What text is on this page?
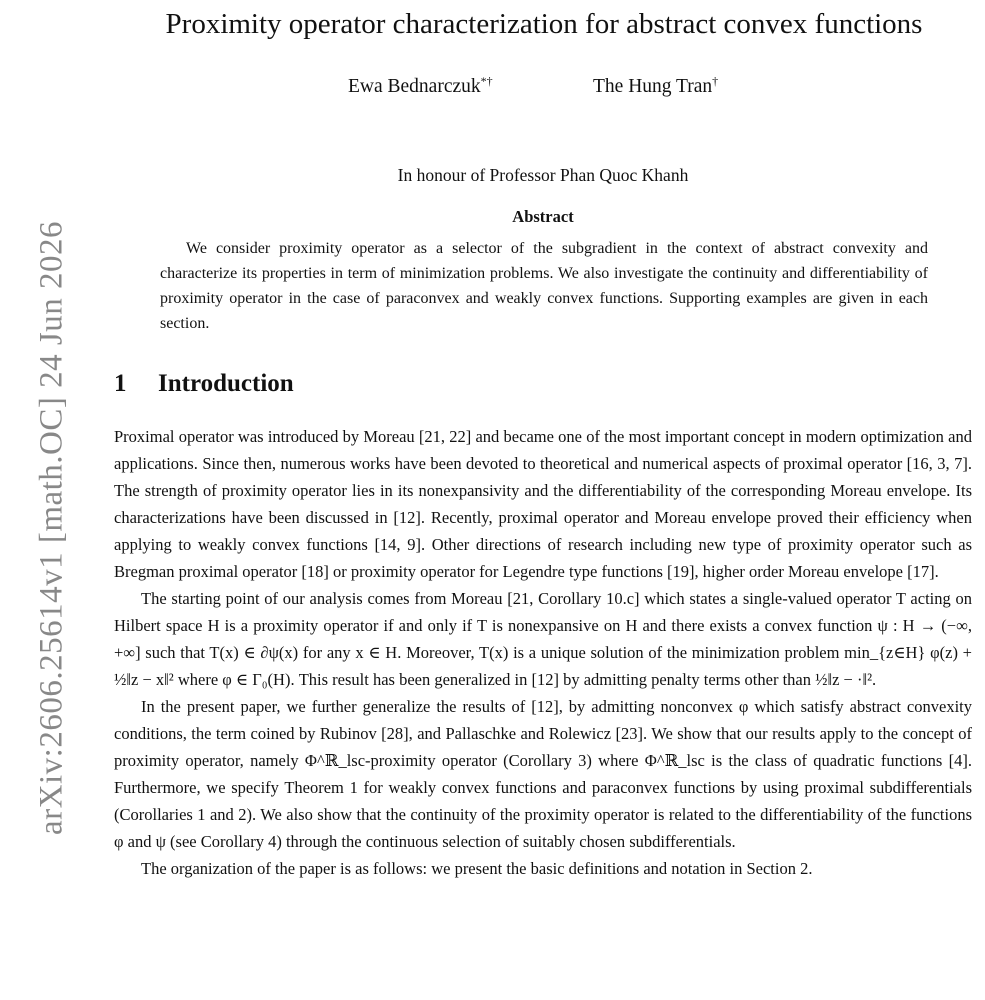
arXiv:2606.25614v1 [math.OC] 24 Jun 2026
Proximity operator characterization for abstract convex functions
Ewa Bednarczuk*†	The Hung Tran†
In honour of Professor Phan Quoc Khanh
Abstract
We consider proximity operator as a selector of the subgradient in the context of abstract convexity and characterize its properties in term of minimization problems. We also investigate the continuity and differentiability of proximity operator in the case of paraconvex and weakly convex functions. Supporting examples are given in each section.
1 Introduction

Proximal operator was introduced by Moreau [21, 22] and became one of the most important concept in modern optimization and applications. Since then, numerous works have been devoted to theoretical and numerical aspects of proximal operator [16, 3, 7]. The strength of proximity operator lies in its nonexpansivity and the differentiability of the corresponding Moreau envelope. Its characterizations have been discussed in [12]. Recently, proximal operator and Moreau envelope proved their efficiency when applying to weakly convex functions [14, 9]. Other directions of research including new type of proximity operator such as Bregman proximal operator [18] or proximity operator for Legendre type functions [19], higher order Moreau envelope [17].

The starting point of our analysis comes from Moreau [21, Corollary 10.c] which states a single-valued operator T acting on Hilbert space H is a proximity operator if and only if T is nonexpansive on H and there exists a convex function ψ : H → (−∞, +∞] such that T(x) ∈ ∂ψ(x) for any x ∈ H. Moreover, T(x) is a unique solution of the minimization problem min_{z∈H} φ(z) + ½‖z − x‖² where φ ∈ Γ₀(H). This result has been generalized in [12] by admitting penalty terms other than ½‖z − ·‖².

In the present paper, we further generalize the results of [12], by admitting nonconvex φ which satisfy abstract convexity conditions, the term coined by Rubinov [28], and Pallaschke and Rolewicz [23]. We show that our results apply to the concept of proximity operator, namely Φ^ℝ_lsc-proximity operator (Corollary 3) where Φ^ℝ_lsc is the class of quadratic functions [4]. Furthermore, we specify Theorem 1 for weakly convex functions and paraconvex functions by using proximal subdifferentials (Corollaries 1 and 2). We also show that the continuity of the proximity operator is related to the differentiability of the functions φ and ψ (see Corollary 4) through the continuous selection of suitably chosen subdifferentials.

The organization of the paper is as follows: we present the basic definitions and notation in Section 2.
